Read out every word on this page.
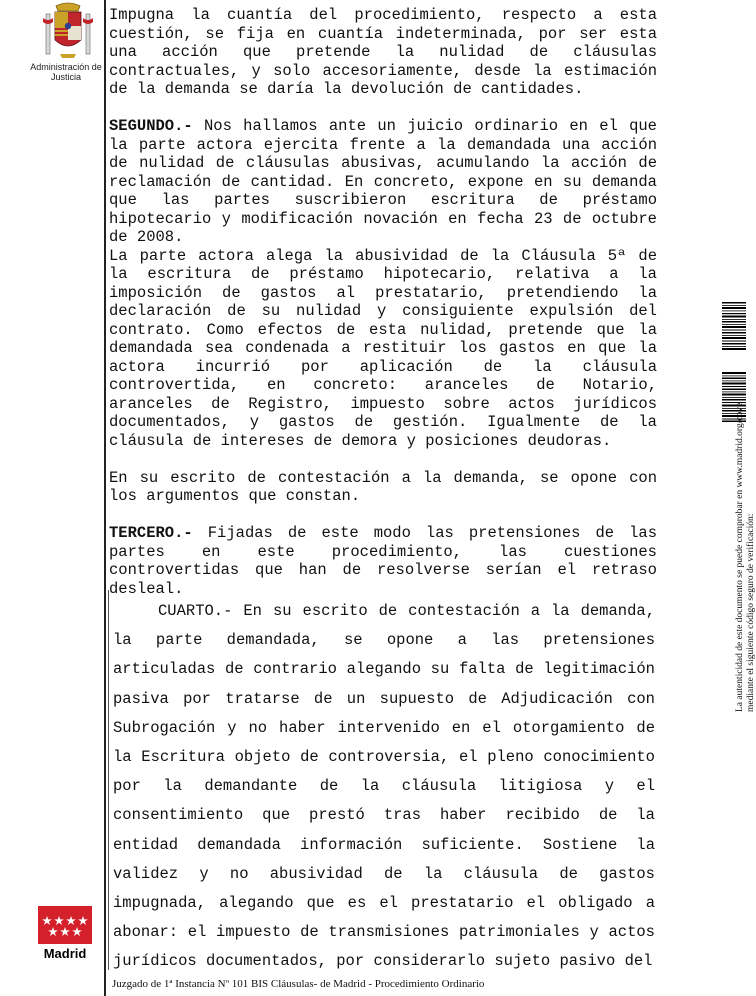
Administración de Justicia

Impugna la cuantía del procedimiento, respecto a esta cuestión, se fija en cuantía indeterminada, por ser esta una acción que pretende la nulidad de cláusulas contractuales, y solo accesoriamente, desde la estimación de la demanda se daría la devolución de cantidades.

SEGUNDO.- Nos hallamos ante un juicio ordinario en el que la parte actora ejercita frente a la demandada una acción de nulidad de cláusulas abusivas, acumulando la acción de reclamación de cantidad. En concreto, expone en su demanda que las partes suscribieron escritura de préstamo hipotecario y modificación novación en fecha 23 de octubre de 2008.

La parte actora alega la abusividad de la Cláusula 5ª de la escritura de préstamo hipotecario, relativa a la imposición de gastos al prestatario, pretendiendo la declaración de su nulidad y consiguiente expulsión del contrato. Como efectos de esta nulidad, pretende que la demandada sea condenada a restituir los gastos en que la actora incurrió por aplicación de la cláusula controvertida, en concreto: aranceles de Notario, aranceles de Registro, impuesto sobre actos jurídicos documentados, y gastos de gestión. Igualmente de la cláusula de intereses de demora y posiciones deudoras.

En su escrito de contestación a la demanda, se opone con los argumentos que constan.

TERCERO.- Fijadas de este modo las pretensiones de las partes en este procedimiento, las cuestiones controvertidas que han de resolverse serían el retraso desleal.

CUARTO.- En su escrito de contestación a la demanda, la parte demandada, se opone a las pretensiones articuladas de contrario alegando su falta de legitimación pasiva por tratarse de un supuesto de Adjudicación con Subrogación y no haber intervenido en el otorgamiento de la Escritura objeto de controversia, el pleno conocimiento por la demandante de la cláusula litigiosa y el consentimiento que prestó tras haber recibido de la entidad demandada información suficiente. Sostiene la validez y no abusividad de la cláusula de gastos impugnada, alegando que es el prestatario el obligado a abonar: el impuesto de transmisiones patrimoniales y actos jurídicos documentados, por considerarlo sujeto pasivo del

Madrid
La autenticidad de este documento se puede comprobar en www.madrid.org/cove mediante el siguiente código seguro de verificación:
Juzgado de 1ª Instancia Nº 101 BIS Cláusulas- de Madrid - Procedimiento Ordinario
